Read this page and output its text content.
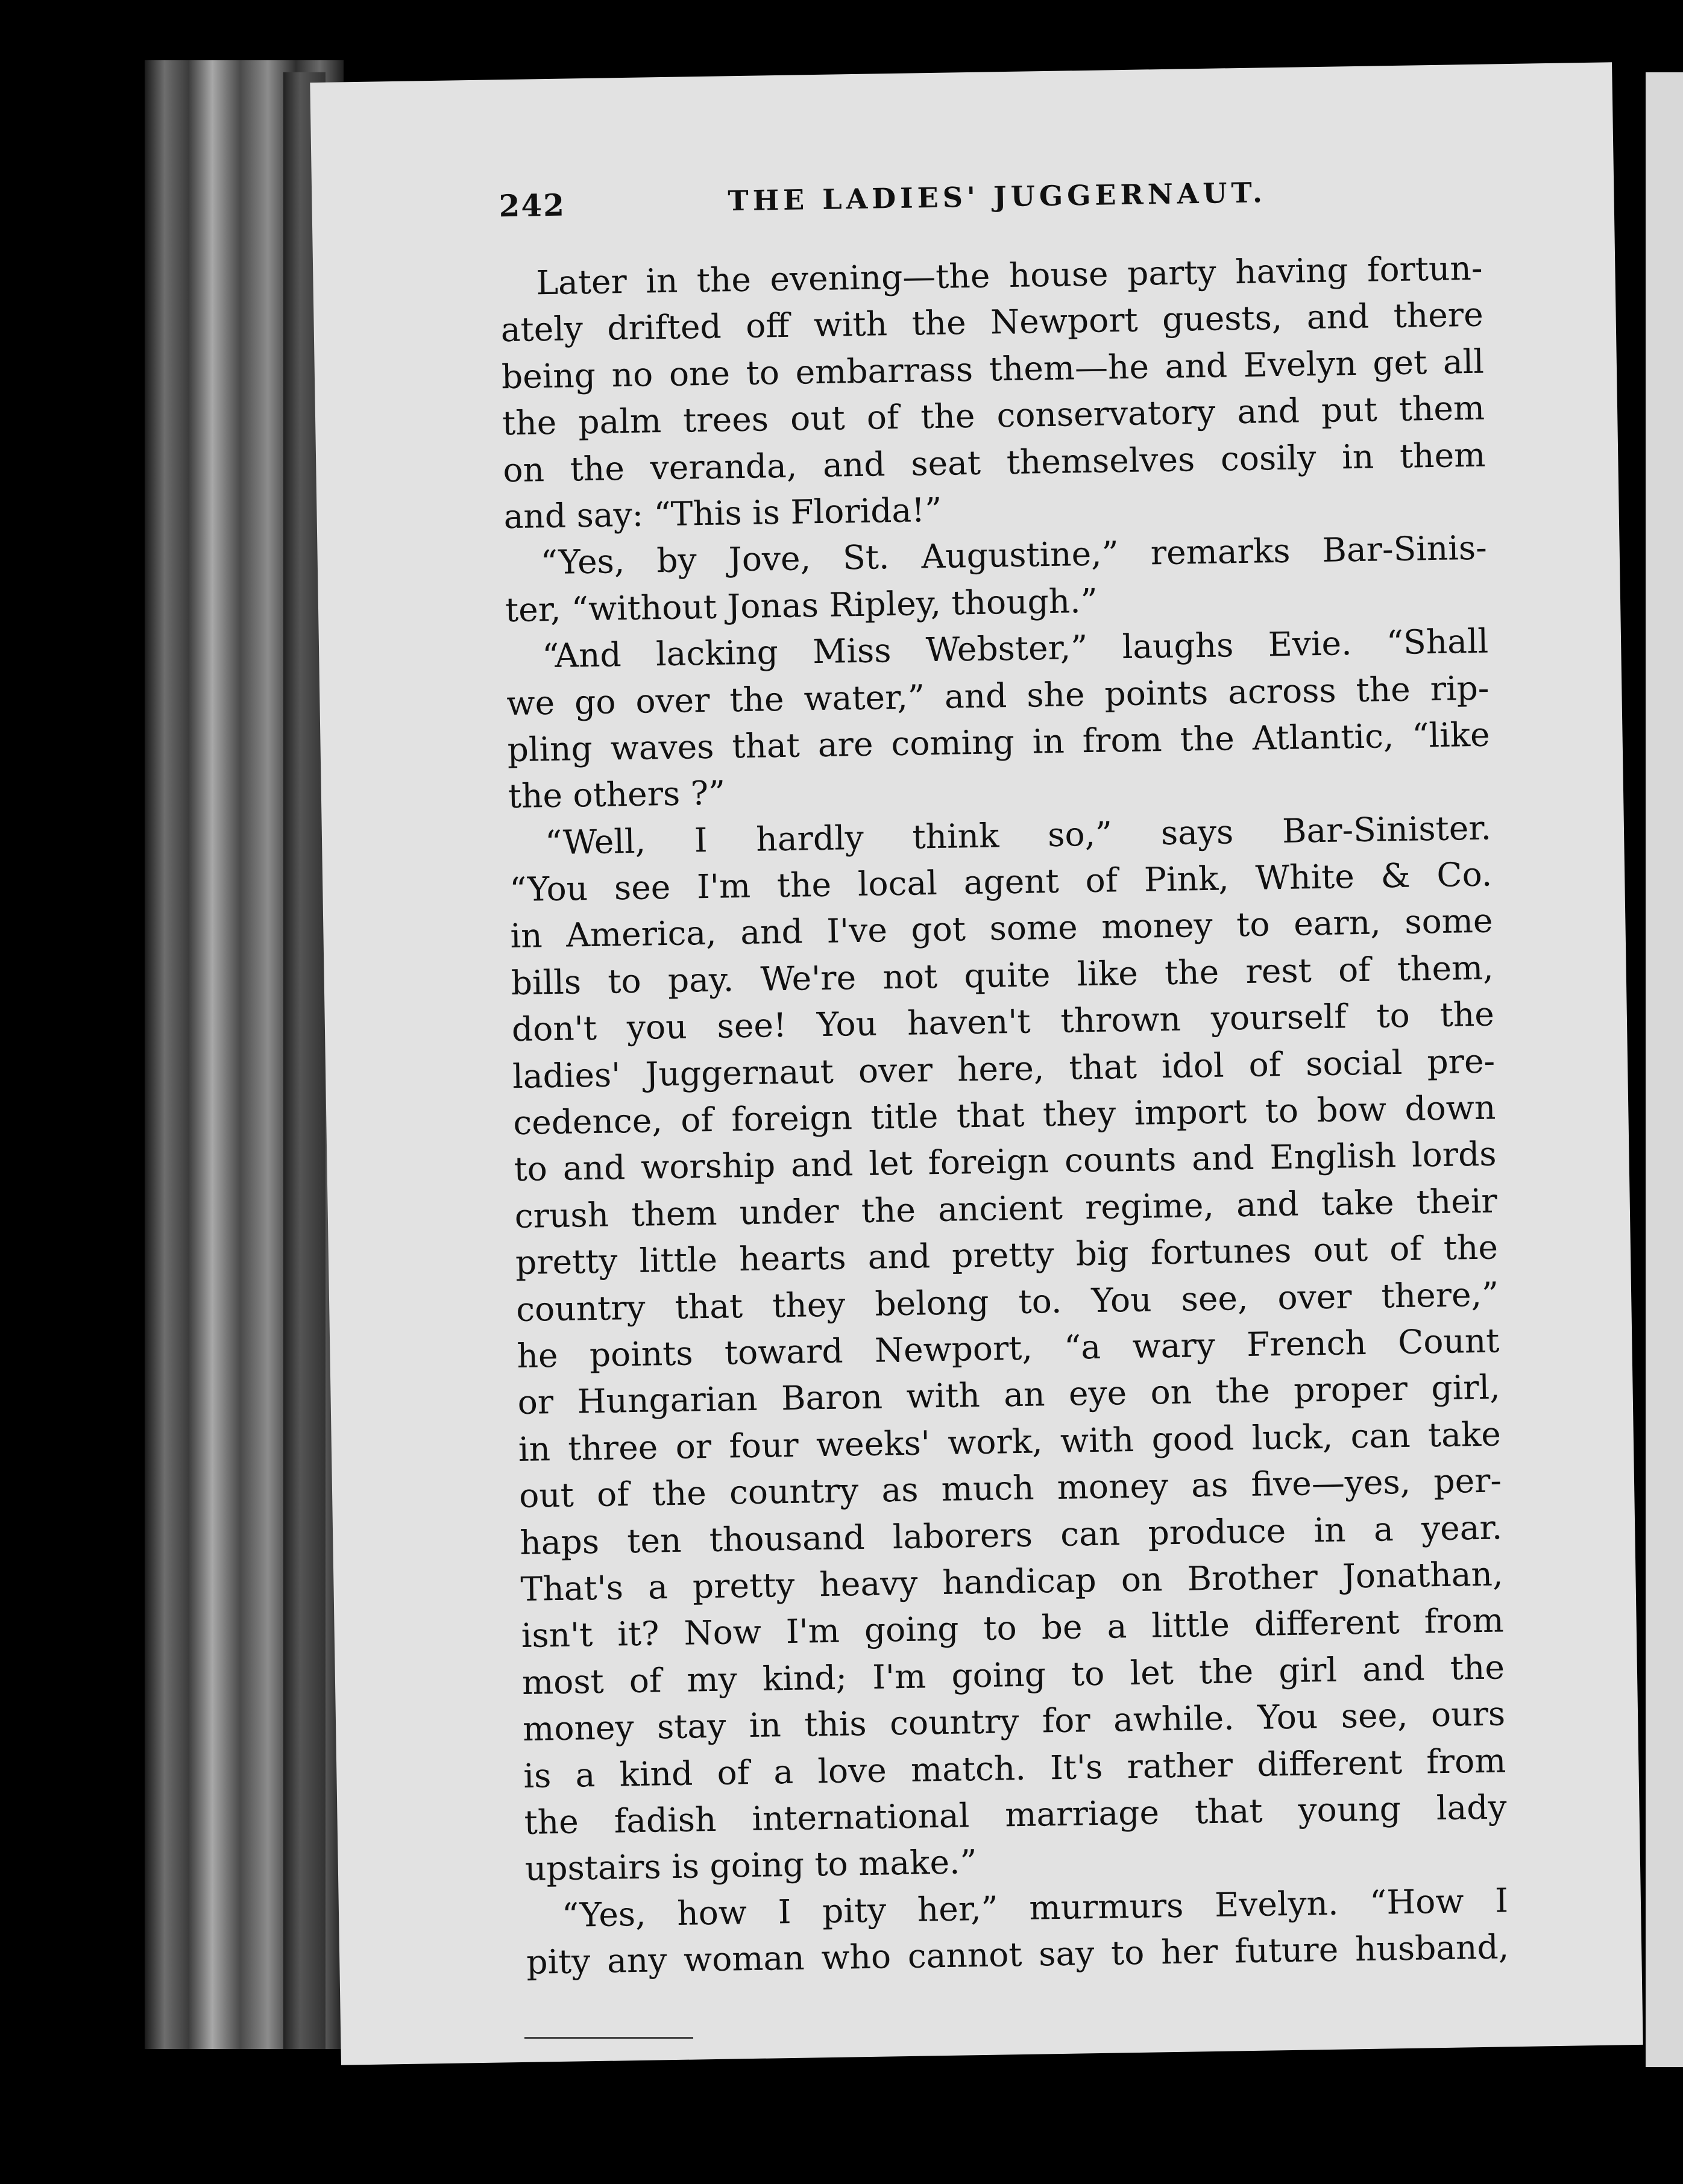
242	THE LADIES' JUGGERNAUT.
Later in the evening—the house party having fortun-
ately drifted off with the Newport guests, and there
being no one to embarrass them—he and Evelyn get all
the palm trees out of the conservatory and put them
on the veranda, and seat themselves cosily in them
and say: “This is Florida!”
“Yes, by Jove, St. Augustine,” remarks Bar-Sinis-
ter, “without Jonas Ripley, though.”
“And lacking Miss Webster,” laughs Evie. “Shall
we go over the water,” and she points across the rip-
pling waves that are coming in from the Atlantic, “like
the others ?”
“Well, I hardly think so,” says Bar-Sinister.
“You see I'm the local agent of Pink, White & Co.
in America, and I've got some money to earn, some
bills to pay. We're not quite like the rest of them,
don't you see! You haven't thrown yourself to the
ladies' Juggernaut over here, that idol of social pre-
cedence, of foreign title that they import to bow down
to and worship and let foreign counts and English lords
crush them under the ancient regime, and take their
pretty little hearts and pretty big fortunes out of the
country that they belong to. You see, over there,”
he points toward Newport, “a wary French Count
or Hungarian Baron with an eye on the proper girl,
in three or four weeks' work, with good luck, can take
out of the country as much money as five—yes, per-
haps ten thousand laborers can produce in a year.
That's a pretty heavy handicap on Brother Jonathan,
isn't it? Now I'm going to be a little different from
most of my kind; I'm going to let the girl and the
money stay in this country for awhile. You see, ours
is a kind of a love match. It's rather different from
the fadish international marriage that young lady
upstairs is going to make.”
“Yes, how I pity her,” murmurs Evelyn. “How I
pity any woman who cannot say to her future husband,
